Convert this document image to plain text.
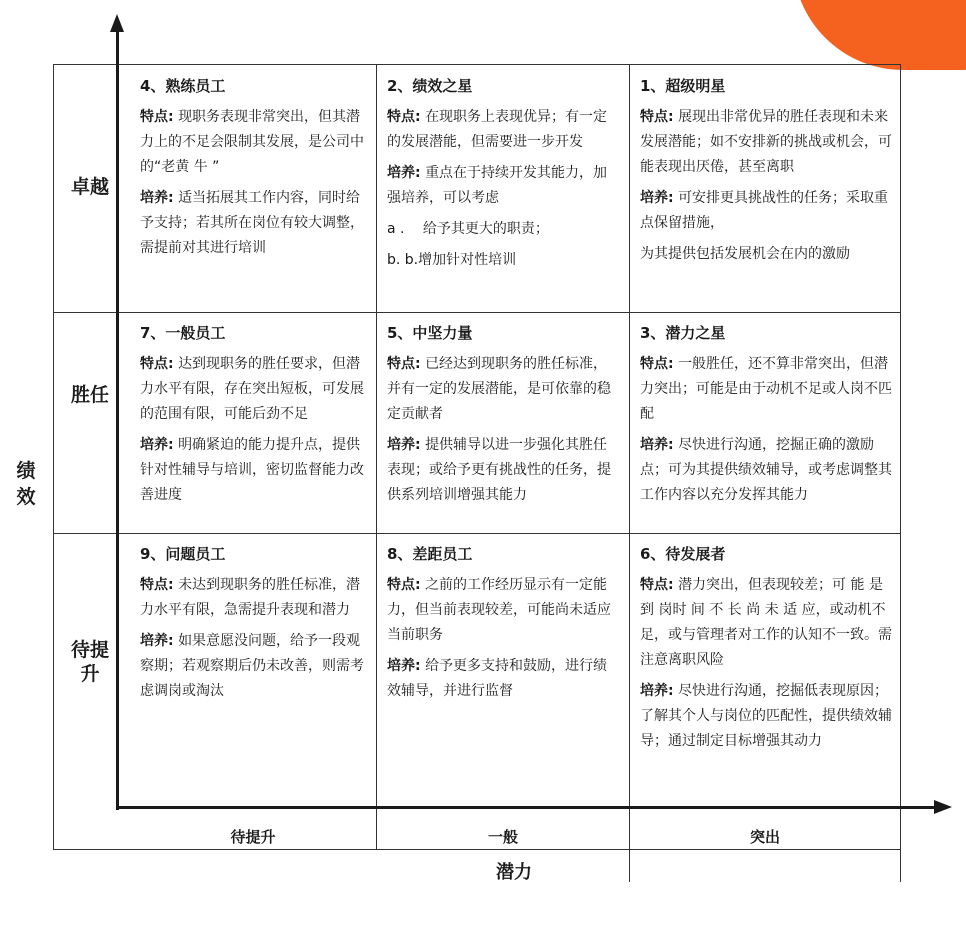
绩效
潜力
卓越
胜任
待提升
待提升	一般	突出
4、熟练员工

特点: 现职务表现非常突出，但其潜力上的不足会限制其发展，是公司中的“老黄 牛 ”

培养: 适当拓展其工作内容，同时给予支持；若其所在岗位有较大调整，需提前对其进行培训

2、绩效之星

特点: 在现职务上表现优异；有一定的发展潜能，但需要进一步开发

培养: 重点在于持续开发其能力，加强培养，可以考虑

a .　 给予其更大的职责；

b. b.增加针对性培训

1、超级明星

特点: 展现出非常优异的胜任表现和未来发展潜能；如不安排新的挑战或机会，可能表现出厌倦，甚至离职

培养: 可安排更具挑战性的任务；采取重点保留措施，

为其提供包括发展机会在内的激励

7、一般员工

特点: 达到现职务的胜任要求，但潜力水平有限，存在突出短板，可发展的范围有限，可能后劲不足

培养: 明确紧迫的能力提升点，提供针对性辅导与培训，密切监督能力改善进度

5、中坚力量

特点: 已经达到现职务的胜任标准，并有一定的发展潜能，是可依靠的稳定贡献者

培养: 提供辅导以进一步强化其胜任表现；或给予更有挑战性的任务，提供系列培训增强其能力

3、潜力之星

特点: 一般胜任，还不算非常突出，但潜力突出；可能是由于动机不足或人岗不匹配

培养: 尽快进行沟通，挖掘正确的激励点；可为其提供绩效辅导，或考虑调整其工作内容以充分发挥其能力

9、问题员工

特点: 未达到现职务的胜任标准，潜力水平有限，急需提升表现和潜力

培养: 如果意愿没问题，给予一段观察期；若观察期后仍未改善，则需考虑调岗或淘汰

8、差距员工

特点: 之前的工作经历显示有一定能力，但当前表现较差，可能尚未适应当前职务

培养: 给予更多支持和鼓励，进行绩效辅导，并进行监督

6、待发展者

特点: 潜力突出，但表现较差；可 能 是 到 岗时 间 不 长 尚 未 适 应，或动机不足，或与管理者对工作的认知不一致。需注意离职风险

培养: 尽快进行沟通，挖掘低表现原因；了解其个人与岗位的匹配性，提供绩效辅导；通过制定目标增强其动力
